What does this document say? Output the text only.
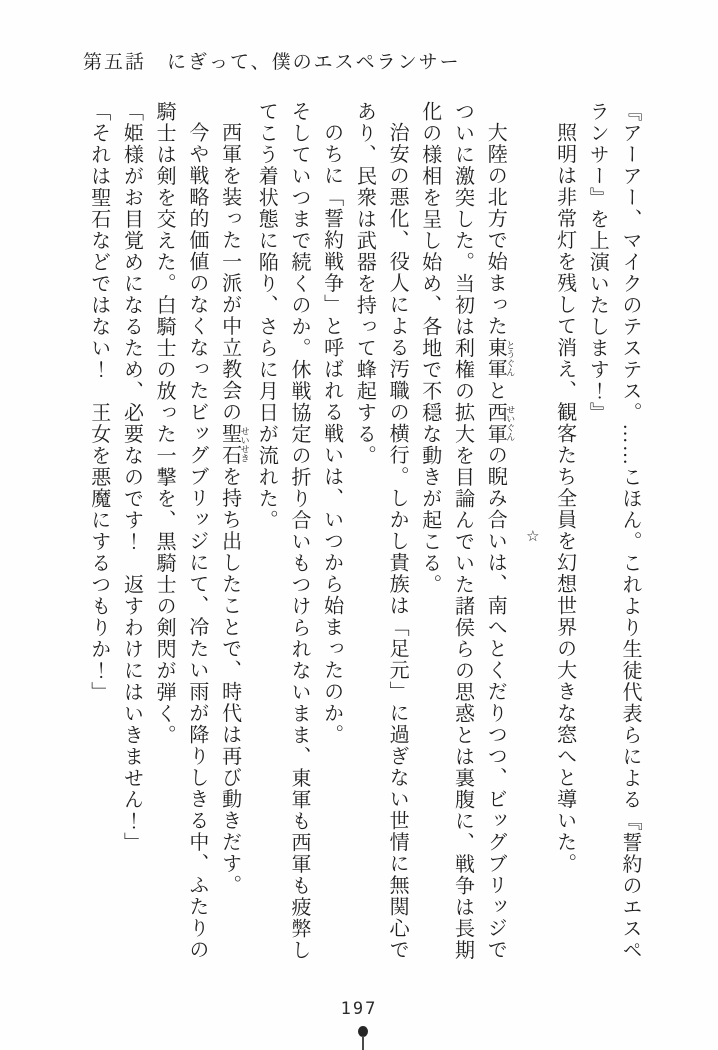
第五話　にぎって、僕のエスペランサー

『アーアー、マイクのテステス。……こほん。これより生徒代表らによる『誓約のエスペランサー』を上演いたします！』

照明は非常灯を残して消え、観客たち全員を幻想世界の大きな窓へと導いた。

☆

大陸の北方で始まった東軍 とうぐんと西軍 せいぐんの睨み合いは、南へとくだりつつ、ビッグブリッジでついに激突した。当初は利権の拡大を目論んでいた諸侯らの思惑とは裏腹に、戦争は長期化の様相を呈し始め、各地で不穏な動きが起こる。

治安の悪化、役人による汚職の横行。しかし貴族は「足元」に過ぎない世情に無関心であり、民衆は武器を持って蜂起する。

のちに「誓約戦争」と呼ばれる戦いは、いつから始まったのか。

そしていつまで続くのか。休戦協定の折り合いもつけられないまま、東軍も西軍も疲弊してこう着状態に陥り、さらに月日が流れた。

西軍を装った一派が中立教会の聖石 せいせきを持ち出したことで、時代は再び動きだす。

今や戦略的価値のなくなったビッグブリッジにて、冷たい雨が降りしきる中、ふたりの騎士は剣を交えた。白騎士の放った一撃を、黒騎士の剣閃が弾く。

「姫様がお目覚めになるため、必要なのです！　返すわけにはいきません！」

「それは聖石などではない！　王女を悪魔にするつもりか！」

197
